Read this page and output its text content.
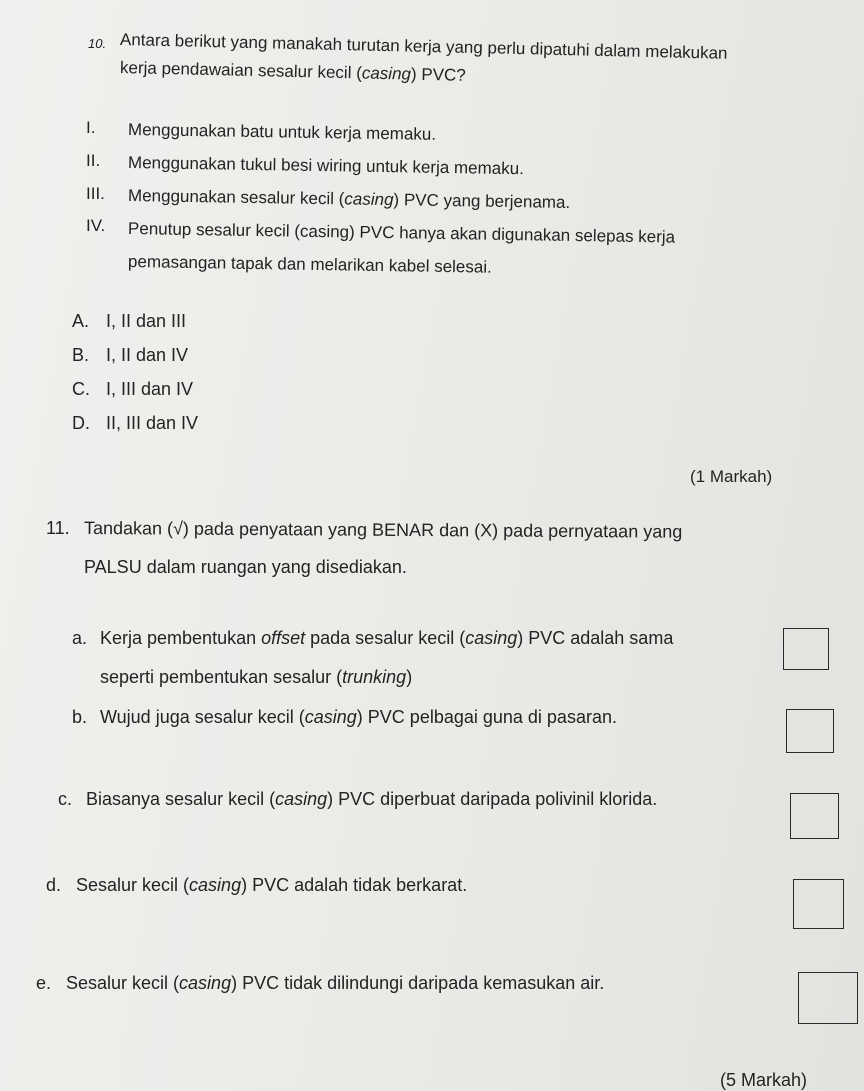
10. Antara berikut yang manakah turutan kerja yang perlu dipatuhi dalam melakukan
kerja pendawaian sesalur kecil (casing) PVC?
I. Menggunakan batu untuk kerja memaku.
II. Menggunakan tukul besi wiring untuk kerja memaku.
III. Menggunakan sesalur kecil (casing) PVC yang berjenama.
IV. Penutup sesalur kecil (casing) PVC hanya akan digunakan selepas kerja
pemasangan tapak dan melarikan kabel selesai.
A. I, II dan III
B. I, II dan IV
C. I, III dan IV
D. II, III dan IV
(1 Markah)
11. Tandakan (√) pada penyataan yang BENAR dan (X) pada pernyataan yang
PALSU dalam ruangan yang disediakan.
a. Kerja pembentukan offset pada sesalur kecil (casing) PVC adalah sama
seperti pembentukan sesalur (trunking)
b. Wujud juga sesalur kecil (casing) PVC pelbagai guna di pasaran.
c. Biasanya sesalur kecil (casing) PVC diperbuat daripada polivinil klorida.
d. Sesalur kecil (casing) PVC adalah tidak berkarat.
e. Sesalur kecil (casing) PVC tidak dilindungi daripada kemasukan air.
(5 Markah)
